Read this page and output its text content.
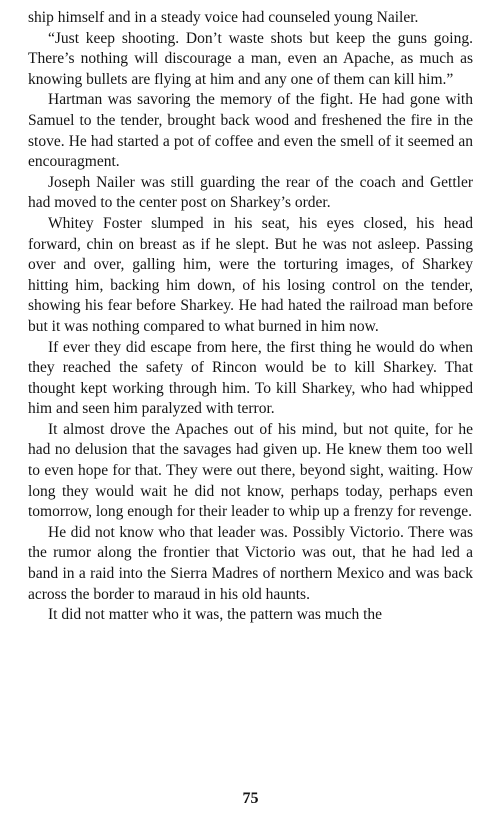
ship himself and in a steady voice had counseled young Nailer.

“Just keep shooting. Don’t waste shots but keep the guns going. There’s nothing will discourage a man, even an Apache, as much as knowing bullets are flying at him and any one of them can kill him.”

Hartman was savoring the memory of the fight. He had gone with Samuel to the tender, brought back wood and freshened the fire in the stove. He had started a pot of coffee and even the smell of it seemed an encouragment.

Joseph Nailer was still guarding the rear of the coach and Gettler had moved to the center post on Sharkey’s order.

Whitey Foster slumped in his seat, his eyes closed, his head forward, chin on breast as if he slept. But he was not asleep. Passing over and over, galling him, were the torturing images, of Sharkey hitting him, backing him down, of his losing control on the tender, showing his fear before Sharkey. He had hated the railroad man before but it was nothing compared to what burned in him now.

If ever they did escape from here, the first thing he would do when they reached the safety of Rincon would be to kill Sharkey. That thought kept working through him. To kill Sharkey, who had whipped him and seen him paralyzed with terror.

It almost drove the Apaches out of his mind, but not quite, for he had no delusion that the savages had given up. He knew them too well to even hope for that. They were out there, beyond sight, waiting. How long they would wait he did not know, perhaps today, perhaps even tomorrow, long enough for their leader to whip up a frenzy for revenge.

He did not know who that leader was. Possibly Victorio. There was the rumor along the frontier that Victorio was out, that he had led a band in a raid into the Sierra Madres of northern Mexico and was back across the border to maraud in his old haunts.

It did not matter who it was, the pattern was much the

75
